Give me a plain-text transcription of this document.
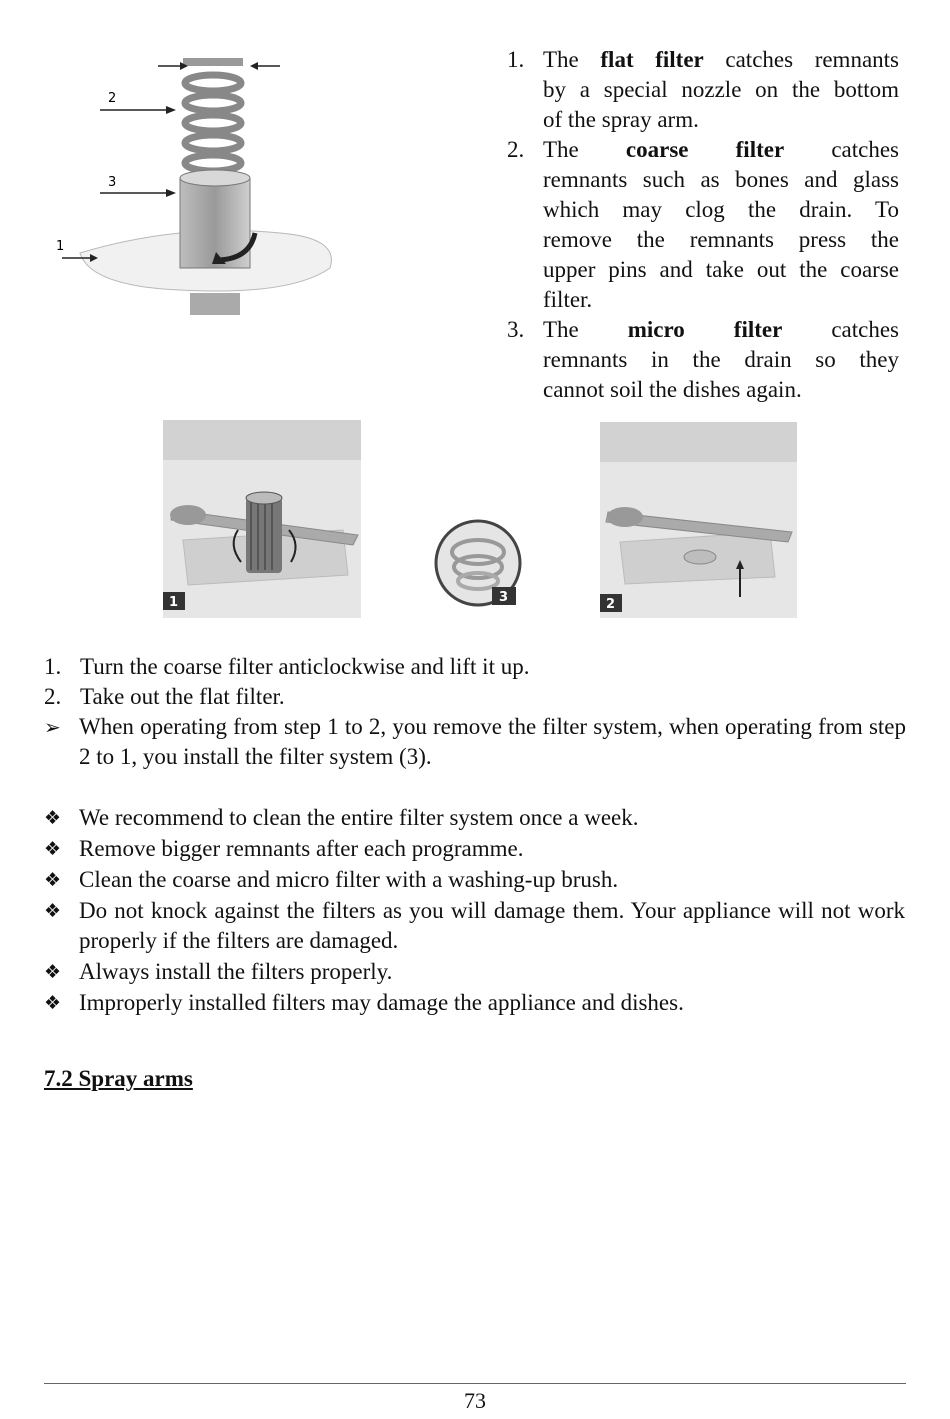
2
3
1
1. The flat filter catches remnants
by a special nozzle on the bottom
of the spray arm.
2. The coarse filter catches
remnants such as bones and glass
which may clog the drain. To
remove the remnants press the
upper pins and take out the coarse
filter.
3. The micro filter catches
remnants in the drain so they
cannot soil the dishes again.
1	3	2
1. Turn the coarse filter anticlockwise and lift it up.
2. Take out the flat filter.
➢ When operating from step 1 to 2, you remove the filter system, when operating from step 2 to 1, you install the filter system (3).
❖ We recommend to clean the entire filter system once a week.
❖ Remove bigger remnants after each programme.
❖ Clean the coarse and micro filter with a washing-up brush.
❖ Do not knock against the filters as you will damage them. Your appliance will not work properly if the filters are damaged.
❖ Always install the filters properly.
❖ Improperly installed filters may damage the appliance and dishes.
7.2 Spray arms
73
